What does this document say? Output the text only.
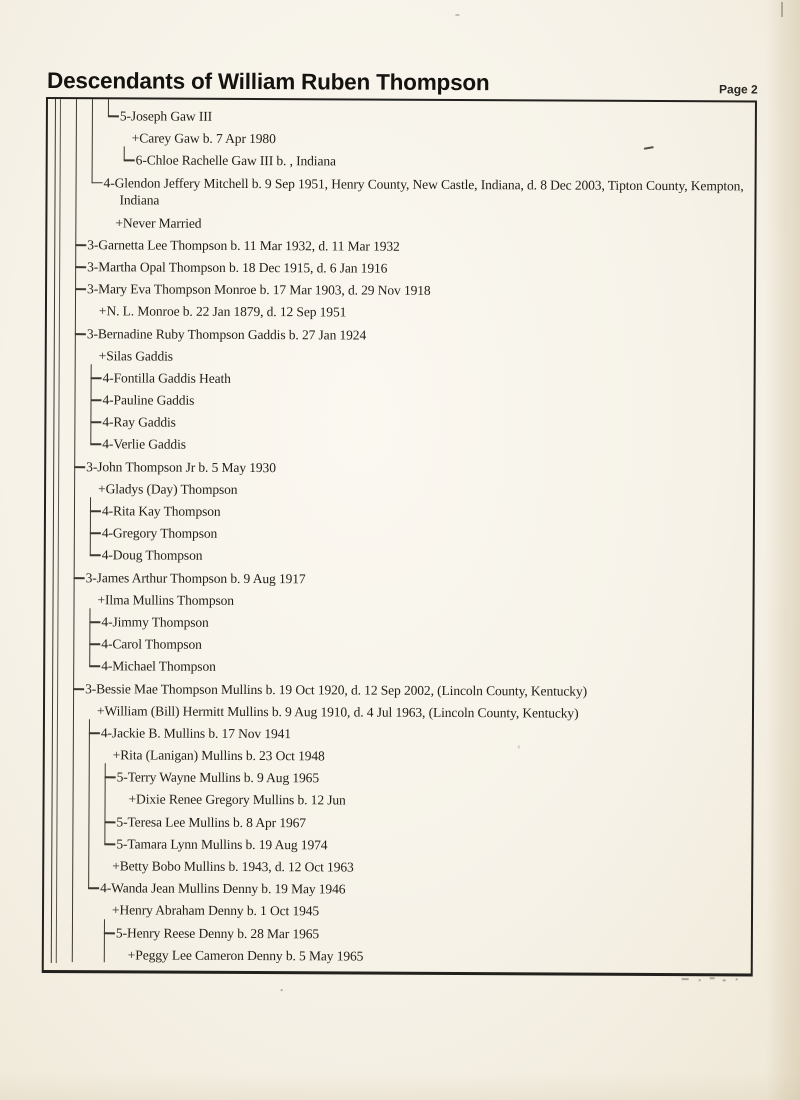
Descendants of William Ruben Thompson	Page 2
5-Joseph Gaw III
+Carey Gaw b. 7 Apr 1980
6-Chloe Rachelle Gaw III b. , Indiana
4-Glendon Jeffery Mitchell b. 9 Sep 1951, Henry County, New Castle, Indiana, d. 8 Dec 2003, Tipton County, Kempton,
Indiana
+Never Married
3-Garnetta Lee Thompson b. 11 Mar 1932, d. 11 Mar 1932
3-Martha Opal Thompson b. 18 Dec 1915, d. 6 Jan 1916
3-Mary Eva Thompson Monroe b. 17 Mar 1903, d. 29 Nov 1918
+N. L. Monroe b. 22 Jan 1879, d. 12 Sep 1951
3-Bernadine Ruby Thompson Gaddis b. 27 Jan 1924
+Silas Gaddis
4-Fontilla Gaddis Heath
4-Pauline Gaddis
4-Ray Gaddis
4-Verlie Gaddis
3-John Thompson Jr b. 5 May 1930
+Gladys (Day) Thompson
4-Rita Kay Thompson
4-Gregory Thompson
4-Doug Thompson
3-James Arthur Thompson b. 9 Aug 1917
+Ilma Mullins Thompson
4-Jimmy Thompson
4-Carol Thompson
4-Michael Thompson
3-Bessie Mae Thompson Mullins b. 19 Oct 1920, d. 12 Sep 2002, (Lincoln County, Kentucky)
+William (Bill) Hermitt Mullins b. 9 Aug 1910, d. 4 Jul 1963, (Lincoln County, Kentucky)
4-Jackie B. Mullins b. 17 Nov 1941
+Rita (Lanigan) Mullins b. 23 Oct 1948
5-Terry Wayne Mullins b. 9 Aug 1965
+Dixie Renee Gregory Mullins b. 12 Jun
5-Teresa Lee Mullins b. 8 Apr 1967
5-Tamara Lynn Mullins b. 19 Aug 1974
+Betty Bobo Mullins b. 1943, d. 12 Oct 1963
4-Wanda Jean Mullins Denny b. 19 May 1946
+Henry Abraham Denny b. 1 Oct 1945
5-Henry Reese Denny b. 28 Mar 1965
+Peggy Lee Cameron Denny b. 5 May 1965
